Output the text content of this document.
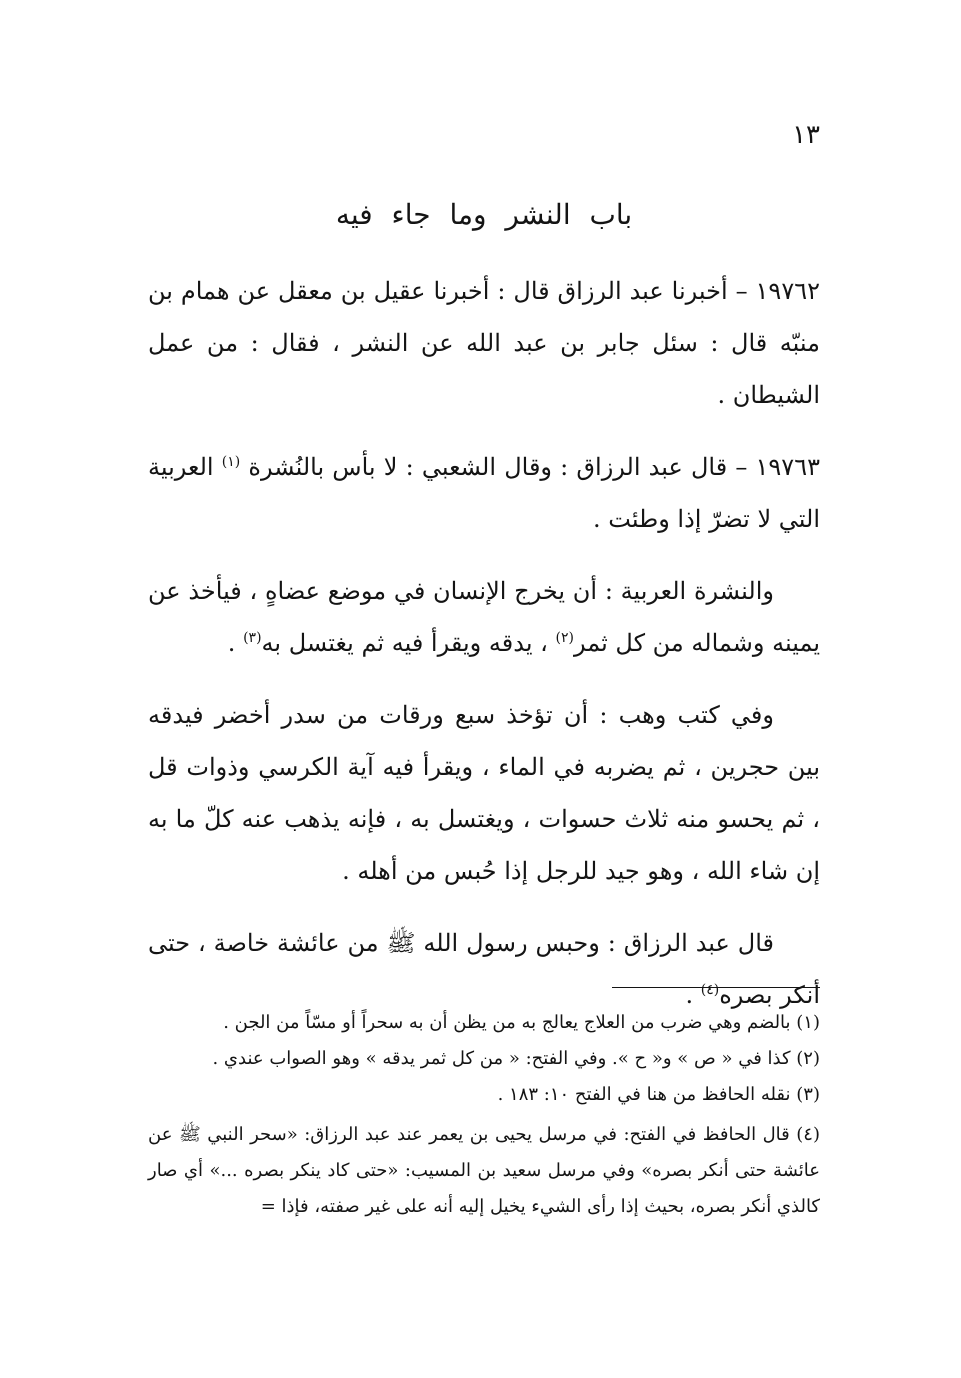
١٣
باب النشر وما جاء فيه

١٩٧٦٢ – أخبرنا عبد الرزاق قال : أخبرنا عقيل بن معقل عن همام بن منبّه قال : سئل جابر بن عبد الله عن النشر ، فقال : من عمل الشيطان .

١٩٧٦٣ – قال عبد الرزاق : وقال الشعبي : لا بأس بالنُشرة $^{(١)}$ العربية التي لا تضرّ إذا وطئت .

والنشرة العربية : أن يخرج الإنسان في موضع عضاهٍ ، فيأخذ عن يمينه وشماله من كل ثمر$^{(٢)}$ ، يدقه ويقرأ فيه ثم يغتسل به$^{(٣)}$ .

وفي كتب وهب : أن تؤخذ سبع ورقات من سدر أخضر فيدقه بين حجرين ، ثم يضربه في الماء ، ويقرأ فيه آية الكرسي وذوات قل ، ثم يحسو منه ثلاث حسوات ، ويغتسل به ، فإنه يذهب عنه كلّ ما به إن شاء الله ، وهو جيد للرجل إذا حُبس من أهله .

قال عبد الرزاق : وحبس رسول الله ﷺ من عائشة خاصة ، حتى أنكر بصره$^{(٤)}$ .

(١) بالضم وهي ضرب من العلاج يعالج به من يظن أن به سحراً أو مسّاً من الجن .

(٢) كذا في « ص » و« ح ». وفي الفتح: « من كل ثمر يدقه » وهو الصواب عندي .

(٣) نقله الحافظ من هنا في الفتح ١٠: ١٨٣ .

(٤) قال الحافظ في الفتح: في مرسل يحيى بن يعمر عند عبد الرزاق: «سحر النبي ﷺ عن عائشة حتى أنكر بصره» وفي مرسل سعيد بن المسيب: «حتى كاد ينكر بصره ...» أي صار كالذي أنكر بصره، بحيث إذا رأى الشيء يخيل إليه أنه على غير صفته، فإذا =
